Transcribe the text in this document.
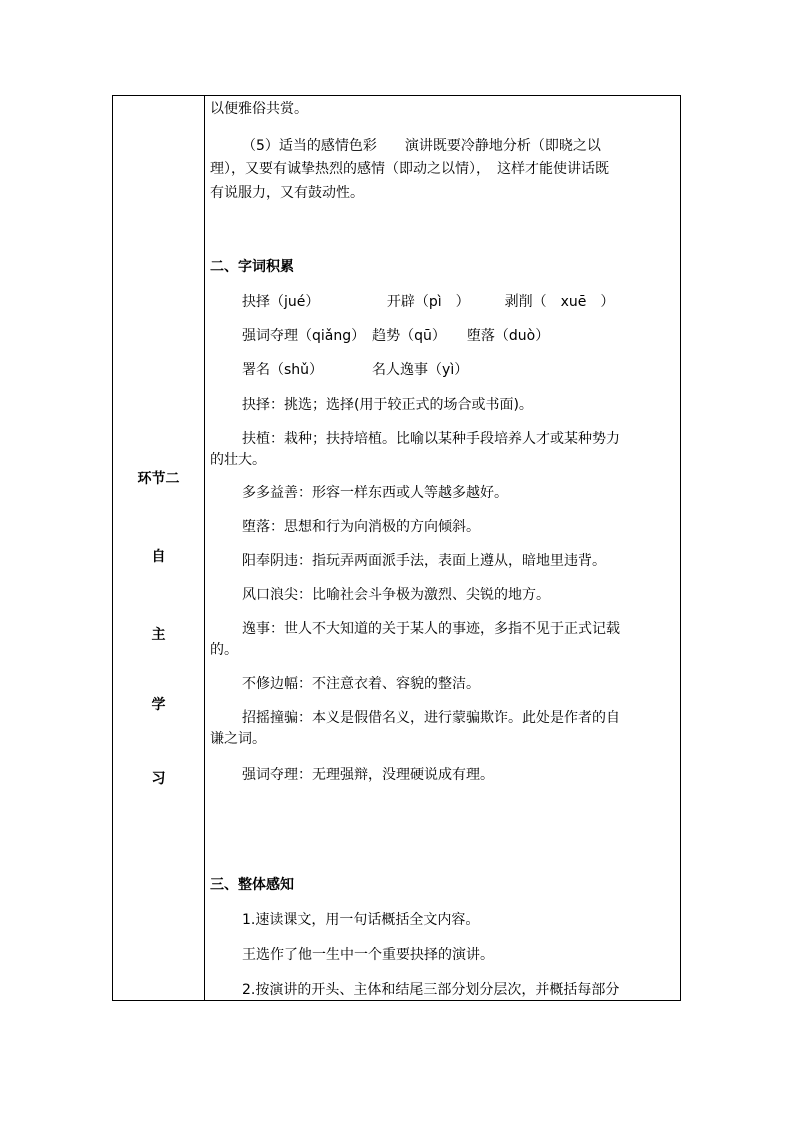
环节二
自
主
学
习
以便雅俗共赏。
（5）适当的感情色彩　　演讲既要冷静地分析（即晓之以
理），又要有诚挚热烈的感情（即动之以情），　这样才能使讲话既
有说服力，又有鼓动性。
二、字词积累
抉择（jué）　　　　　 开辟（pì　）　　　剥削（　xuē　）
强词夺理（qiǎng）　趋势（qū）　　堕落（duò）
署名（shǔ）　　　　名人逸事（yì）
抉择：挑选；选择(用于较正式的场合或书面)。
扶植：栽种；扶持培植。比喻以某种手段培养人才或某种势力
的壮大。
多多益善：形容一样东西或人等越多越好。
堕落：思想和行为向消极的方向倾斜。
阳奉阴违：指玩弄两面派手法，表面上遵从，暗地里违背。
风口浪尖：比喻社会斗争极为激烈、尖锐的地方。
逸事：世人不大知道的关于某人的事迹，多指不见于正式记载
的。
不修边幅：不注意衣着、容貌的整洁。
招摇撞骗：本义是假借名义，进行蒙骗欺诈。此处是作者的自
谦之词。
强词夺理：无理强辩，没理硬说成有理。
三、整体感知
1.速读课文，用一句话概括全文内容。
王选作了他一生中一个重要抉择的演讲。
2.按演讲的开头、主体和结尾三部分划分层次，并概括每部分
